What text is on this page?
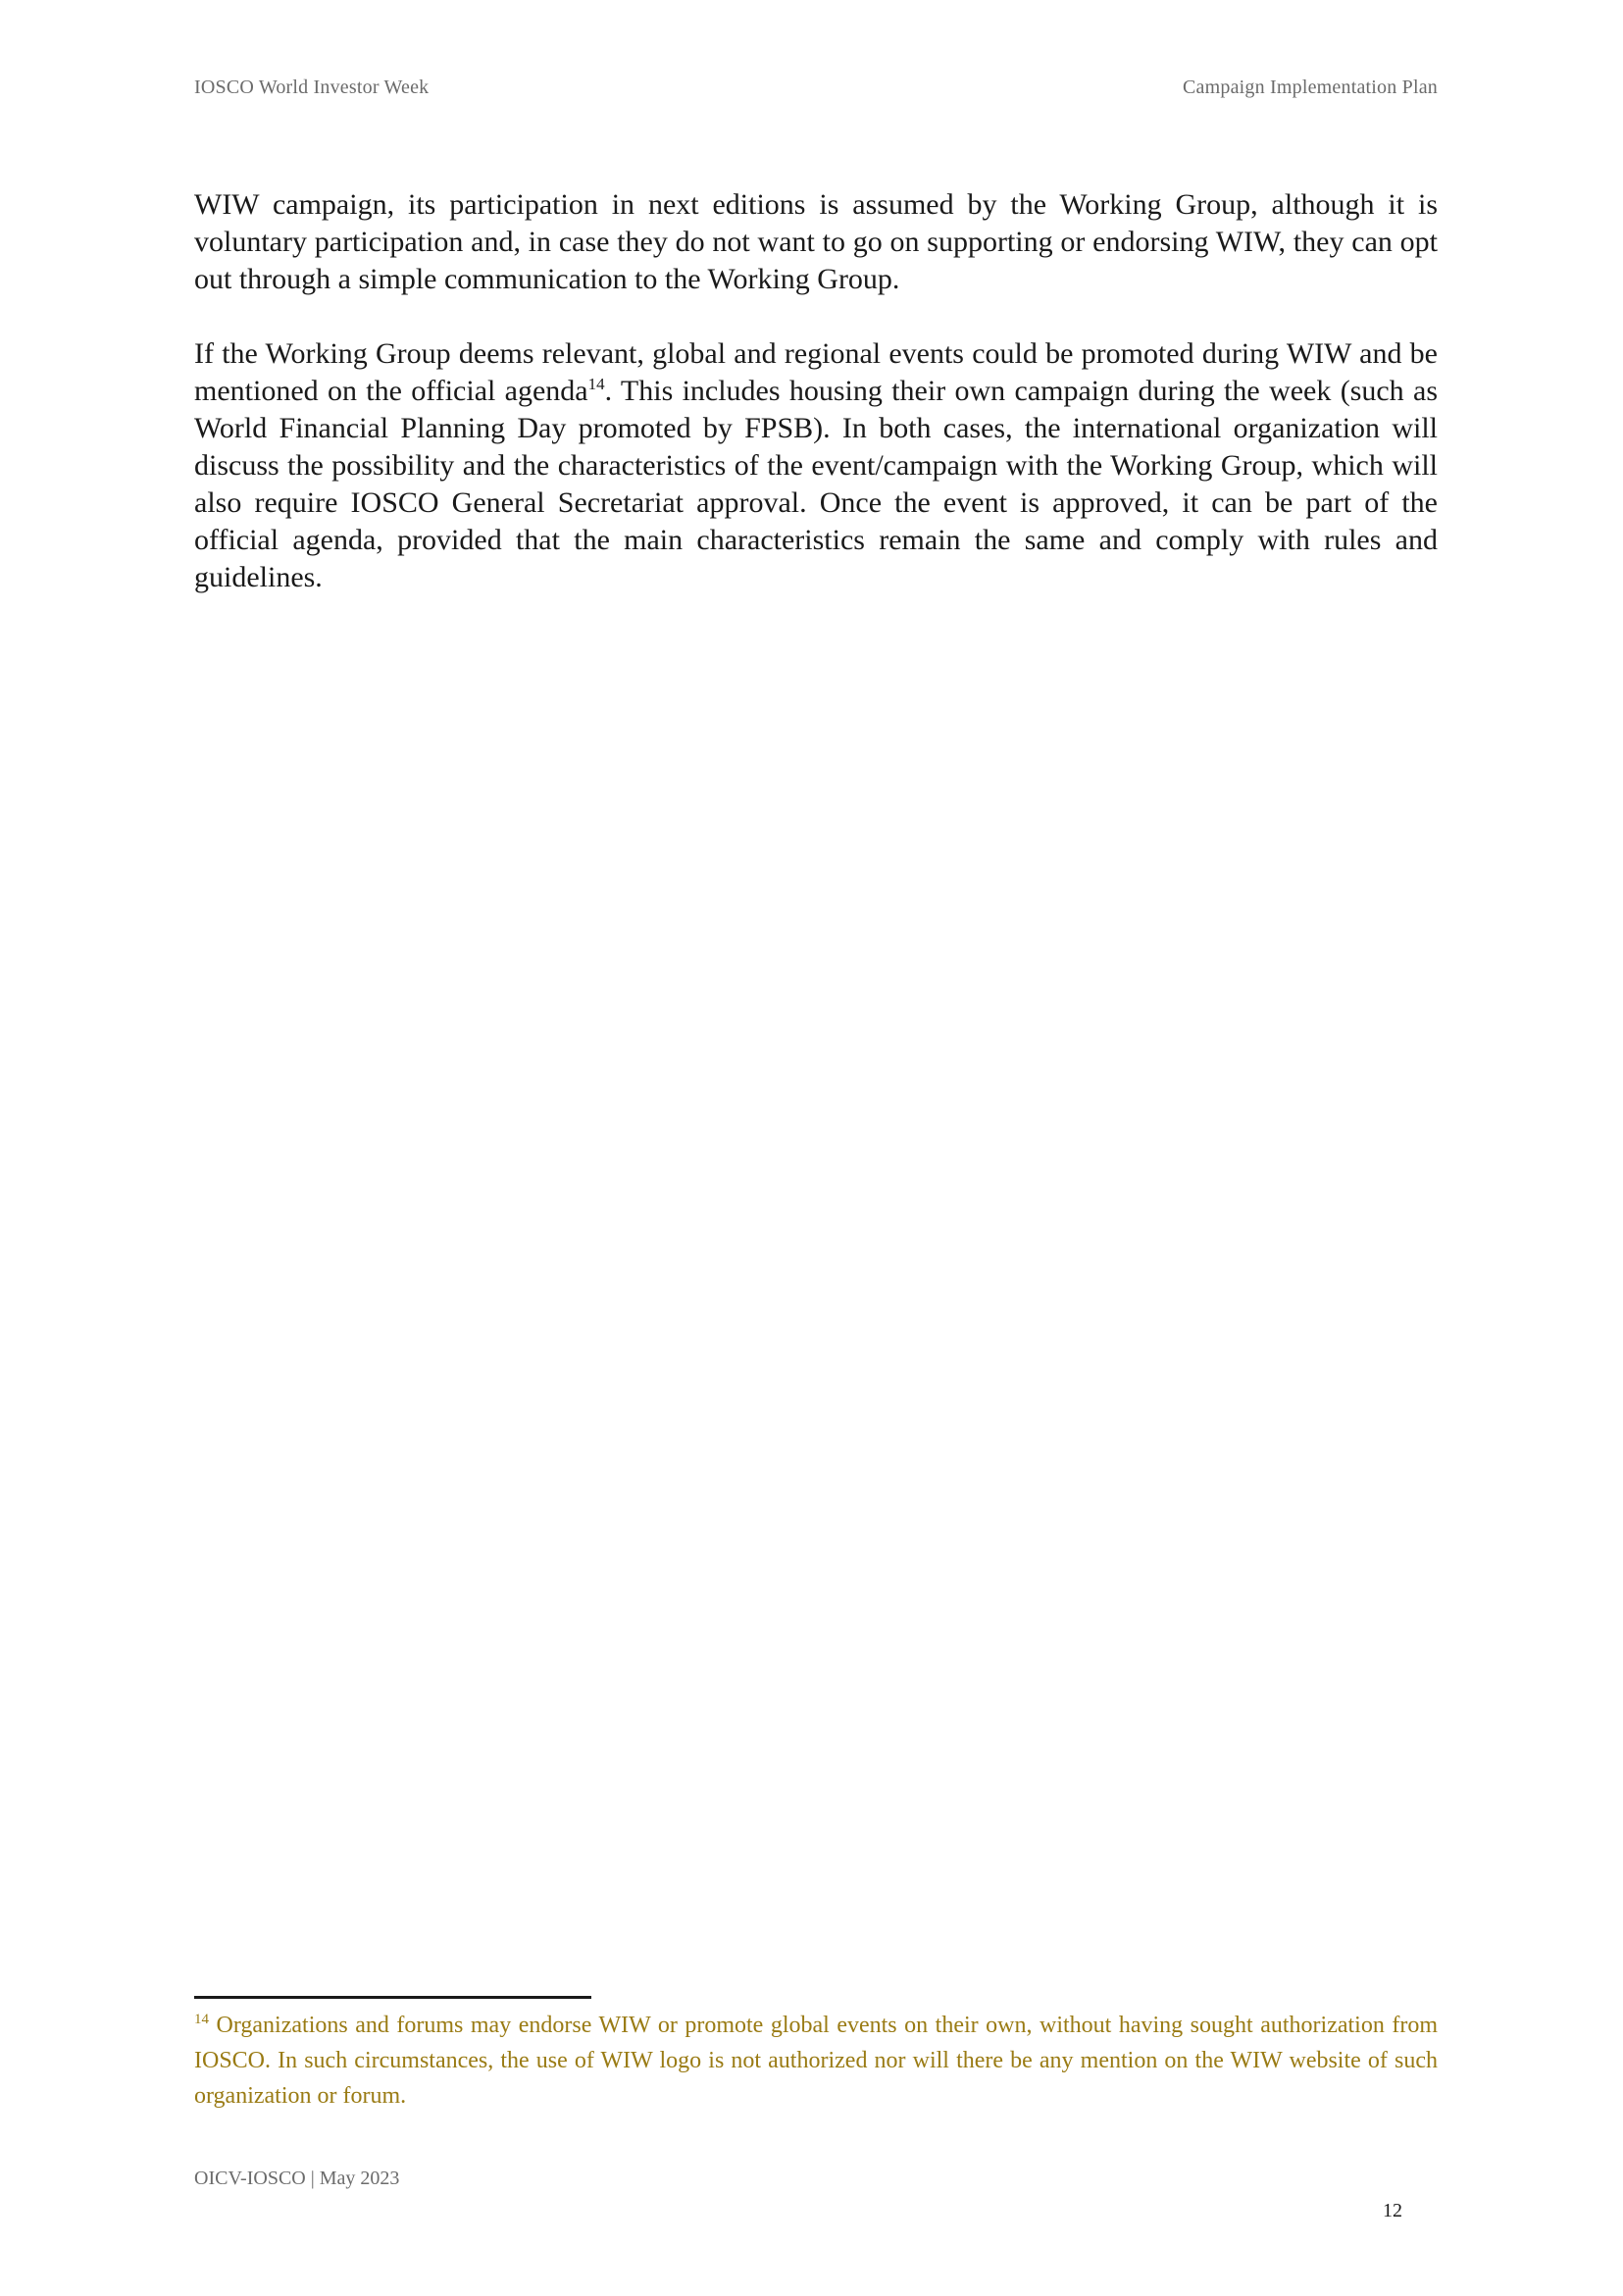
IOSCO World Investor Week	Campaign Implementation Plan

WIW campaign, its participation in next editions is assumed by the Working Group, although it is voluntary participation and, in case they do not want to go on supporting or endorsing WIW, they can opt out through a simple communication to the Working Group.

If the Working Group deems relevant, global and regional events could be promoted during WIW and be mentioned on the official agenda$^{14}$. This includes housing their own campaign during the week (such as World Financial Planning Day promoted by FPSB). In both cases, the international organization will discuss the possibility and the characteristics of the event/campaign with the Working Group, which will also require IOSCO General Secretariat approval. Once the event is approved, it can be part of the official agenda, provided that the main characteristics remain the same and comply with rules and guidelines.

$^{14}$ Organizations and forums may endorse WIW or promote global events on their own, without having sought authorization from IOSCO. In such circumstances, the use of WIW logo is not authorized nor will there be any mention on the WIW website of such organization or forum.
OICV-IOSCO | May 2023
12
